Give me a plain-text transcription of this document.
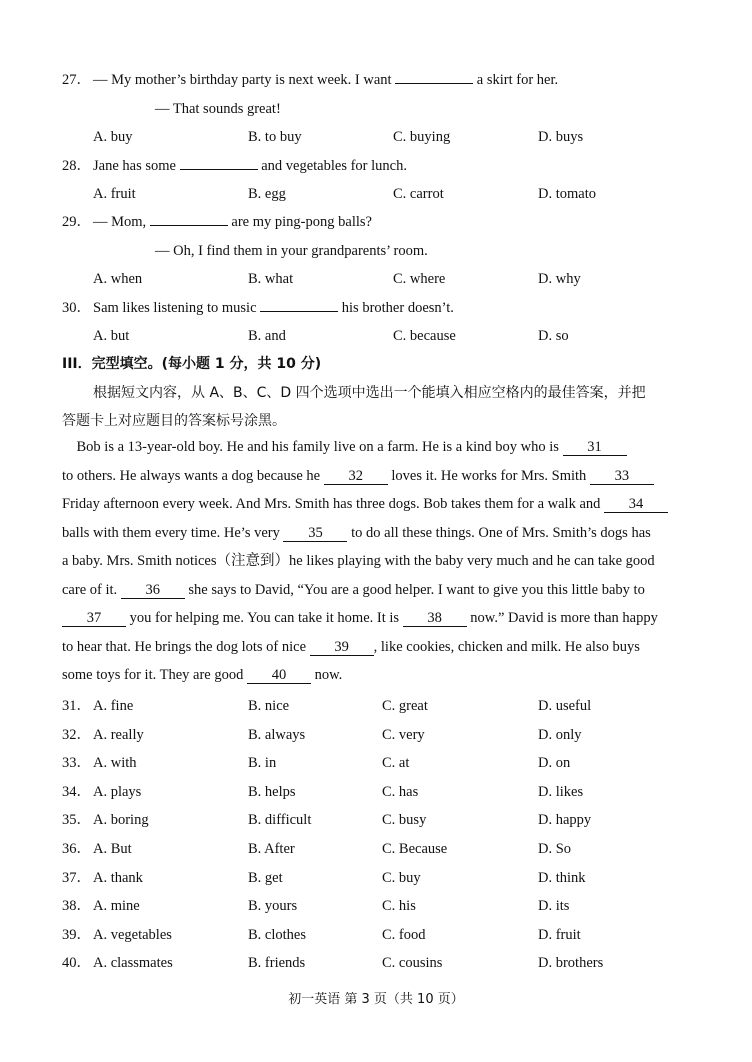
27． — My mother’s birthday party is next week. I want	a skirt for her.
— That sounds great!
A. buy	B. to buy	C. buying	D. buys
28． Jane has some	and vegetables for lunch.
A. fruit	B. egg	C. carrot	D. tomato
29． — Mom,	are my ping-pong balls?
— Oh, I find them in your grandparents’ room.
A. when	B. what	C. where	D. why
30． Sam likes listening to music	his brother doesn’t.
A. but	B. and	C. because	D. so
III．完型填空。(每小题 1 分，共 10 分)
根据短文内容，从 A、B、C、D 四个选项中选出一个能填入相应空格内的最佳答案，并把
答题卡上对应题目的答案标号涂黑。
Bob is a 13-year-old boy. He and his family live on a farm. He is a kind boy who is 31
to others. He always wants a dog because he 32 loves it. He works for Mrs. Smith 33
Friday afternoon every week. And Mrs. Smith has three dogs. Bob takes them for a walk and 34
balls with them every time. He’s very 35 to do all these things. One of Mrs. Smith’s dogs has
a baby. Mrs. Smith notices（注意到）he likes playing with the baby very much and he can take good
care of it. 36 she says to David, “You are a good helper. I want to give you this little baby to
37 you for helping me. You can take it home. It is 38 now.” David is more than happy
to hear that. He brings the dog lots of nice 39 , like cookies, chicken and milk. He also buys
some toys for it. They are good 40 now.
31． A. fine	B. nice	C. great	D. useful
32． A. really	B. always	C. very	D. only
33． A. with	B. in	C. at	D. on
34． A. plays	B. helps	C. has	D. likes
35． A. boring	B. difficult	C. busy	D. happy
36． A. But	B. After	C. Because	D. So
37． A. thank	B. get	C. buy	D. think
38． A. mine	B. yours	C. his	D. its
39． A. vegetables	B. clothes	C. food	D. fruit
40． A. classmates	B. friends	C. cousins	D. brothers
初一英语 第 3 页（共 10 页）
